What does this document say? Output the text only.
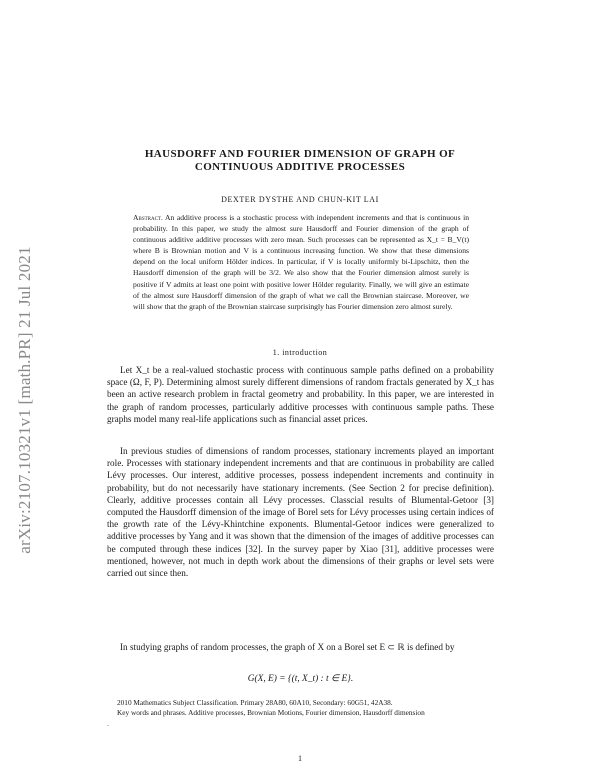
arXiv:2107.10321v1 [math.PR] 21 Jul 2021
HAUSDORFF AND FOURIER DIMENSION OF GRAPH OF
CONTINUOUS ADDITIVE PROCESSES
DEXTER DYSTHE AND CHUN-KIT LAI
Abstract. An additive process is a stochastic process with independent increments and that is continuous in probability. In this paper, we study the almost sure Hausdorff and Fourier dimension of the graph of continuous additive additive processes with zero mean. Such processes can be represented as X_t = B_V(t) where B is Brownian motion and V is a continuous increasing function. We show that these dimensions depend on the local uniform Hölder indices. In particular, if V is locally uniformly bi-Lipschitz, then the Hausdorff dimension of the graph will be 3/2. We also show that the Fourier dimension almost surely is positive if V admits at least one point with positive lower Hölder regularity. Finally, we will give an estimate of the almost sure Hausdorff dimension of the graph of what we call the Brownian staircase. Moreover, we will show that the graph of the Brownian staircase surprisingly has Fourier dimension zero almost surely.
1. introduction
Let X_t be a real-valued stochastic process with continuous sample paths defined on a probability space (Ω, F, P). Determining almost surely different dimensions of random fractals generated by X_t has been an active research problem in fractal geometry and probability. In this paper, we are interested in the graph of random processes, particularly additive processes with continuous sample paths. These graphs model many real-life applications such as financial asset prices.
In previous studies of dimensions of random processes, stationary increments played an important role. Processes with stationary independent increments and that are continuous in probability are called Lévy processes. Our interest, additive processes, possess independent increments and continuity in probability, but do not necessarily have stationary increments. (See Section 2 for precise definition). Clearly, additive processes contain all Lévy processes. Classcial results of Blumental-Getoor [3] computed the Hausdorff dimension of the image of Borel sets for Lévy processes using certain indices of the growth rate of the Lévy-Khintchine exponents. Blumental-Getoor indices were generalized to additive processes by Yang and it was shown that the dimension of the images of additive processes can be computed through these indices [32]. In the survey paper by Xiao [31], additive processes were mentioned, however, not much in depth work about the dimensions of their graphs or level sets were carried out since then.
In studying graphs of random processes, the graph of X on a Borel set E ⊂ ℝ is defined by
G(X, E) = {(t, X_t) : t ∈ E}.
2010 Mathematics Subject Classification. Primary 28A80, 60A10, Secondary: 60G51, 42A38.
Key words and phrases. Additive processes, Brownian Motions, Fourier dimension, Hausdorff dimension
.
1
